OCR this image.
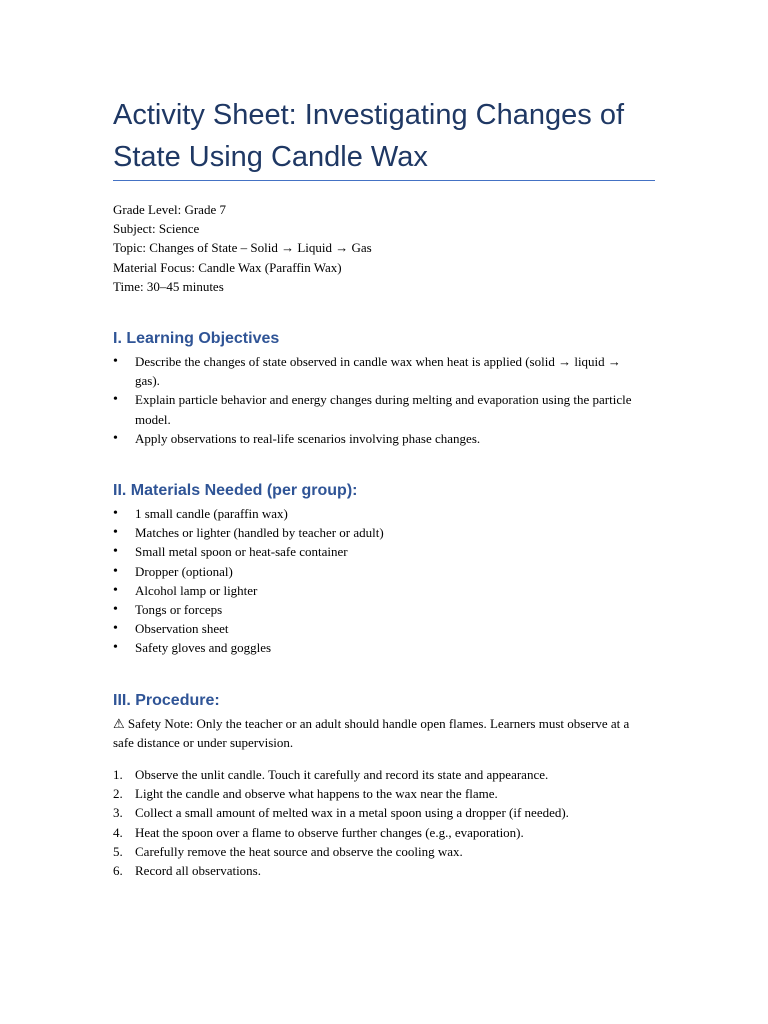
Activity Sheet: Investigating Changes of State Using Candle Wax
Grade Level: Grade 7
Subject: Science
Topic: Changes of State – Solid → Liquid → Gas
Material Focus: Candle Wax (Paraffin Wax)
Time: 30–45 minutes
I. Learning Objectives
•	Describe the changes of state observed in candle wax when heat is applied (solid → liquid → gas).
•	Explain particle behavior and energy changes during melting and evaporation using the particle model.
•	Apply observations to real-life scenarios involving phase changes.
II. Materials Needed (per group):
•	1 small candle (paraffin wax)
•	Matches or lighter (handled by teacher or adult)
•	Small metal spoon or heat-safe container
•	Dropper (optional)
•	Alcohol lamp or lighter
•	Tongs or forceps
•	Observation sheet
•	Safety gloves and goggles
III. Procedure:
⚠ Safety Note: Only the teacher or an adult should handle open flames. Learners must observe at a safe distance or under supervision.
1. Observe the unlit candle. Touch it carefully and record its state and appearance.
2. Light the candle and observe what happens to the wax near the flame.
3. Collect a small amount of melted wax in a metal spoon using a dropper (if needed).
4. Heat the spoon over a flame to observe further changes (e.g., evaporation).
5. Carefully remove the heat source and observe the cooling wax.
6. Record all observations.
